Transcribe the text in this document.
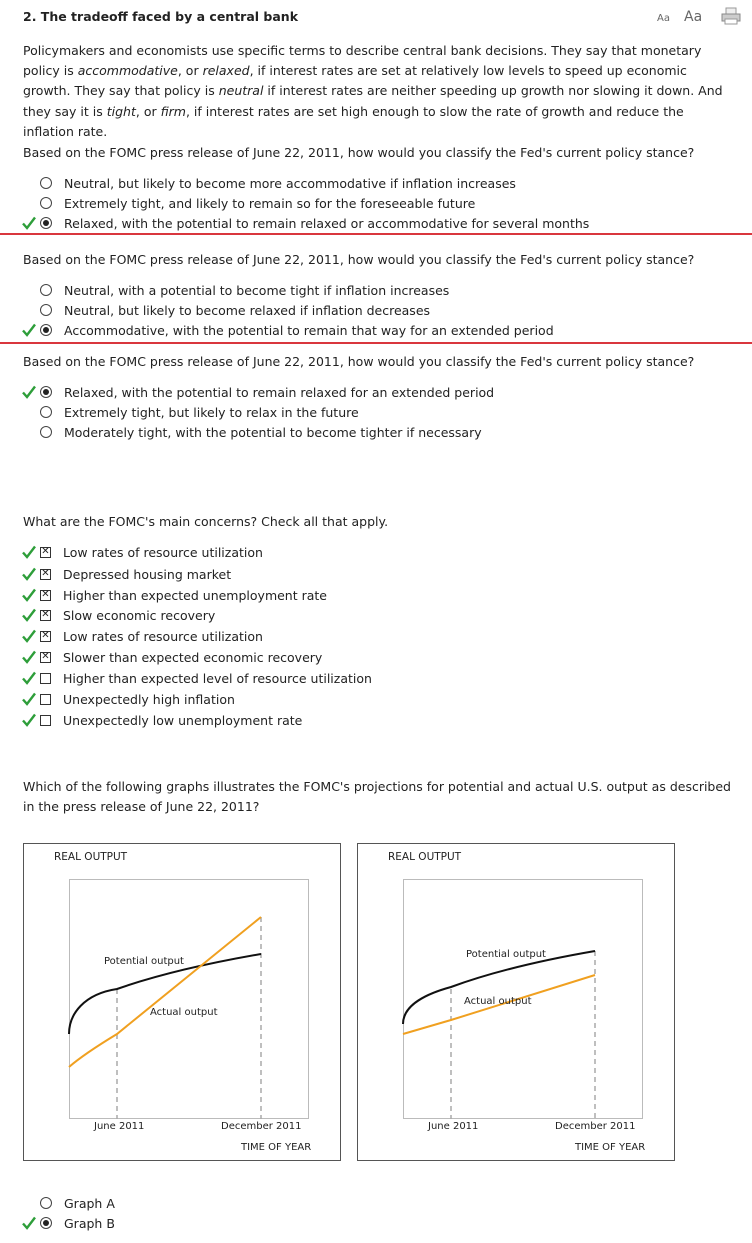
2. The tradeoff faced by a central bank	Aa Aa
Policymakers and economists use specific terms to describe central bank decisions. They say that monetary policy is accommodative, or relaxed, if interest rates are set at relatively low levels to speed up economic growth. They say that policy is neutral if interest rates are neither speeding up growth nor slowing it down. And they say it is tight, or firm, if interest rates are set high enough to slow the rate of growth and reduce the inflation rate.
Based on the FOMC press release of June 22, 2011, how would you classify the Fed's current policy stance?
Neutral, but likely to become more accommodative if inflation increases
Extremely tight, and likely to remain so for the foreseeable future
Relaxed, with the potential to remain relaxed or accommodative for several months
Based on the FOMC press release of June 22, 2011, how would you classify the Fed's current policy stance?
Neutral, with a potential to become tight if inflation increases
Neutral, but likely to become relaxed if inflation decreases
Accommodative, with the potential to remain that way for an extended period
Based on the FOMC press release of June 22, 2011, how would you classify the Fed's current policy stance?
Relaxed, with the potential to remain relaxed for an extended period
Extremely tight, but likely to relax in the future
Moderately tight, with the potential to become tighter if necessary
What are the FOMC's main concerns? Check all that apply.
✕ Low rates of resource utilization
✕ Depressed housing market
✕ Higher than expected unemployment rate
✕ Slow economic recovery
✕ Low rates of resource utilization
✕ Slower than expected economic recovery
Higher than expected level of resource utilization
Unexpectedly high inflation
Unexpectedly low unemployment rate
Which of the following graphs illustrates the FOMC's projections for potential and actual U.S. output as described in the press release of June 22, 2011?
REAL OUTPUT
Potential output
Actual output
June 2011	December 2011
TIME OF YEAR
REAL OUTPUT
Potential output
Actual output
June 2011	December 2011
TIME OF YEAR
Graph A
Graph B
